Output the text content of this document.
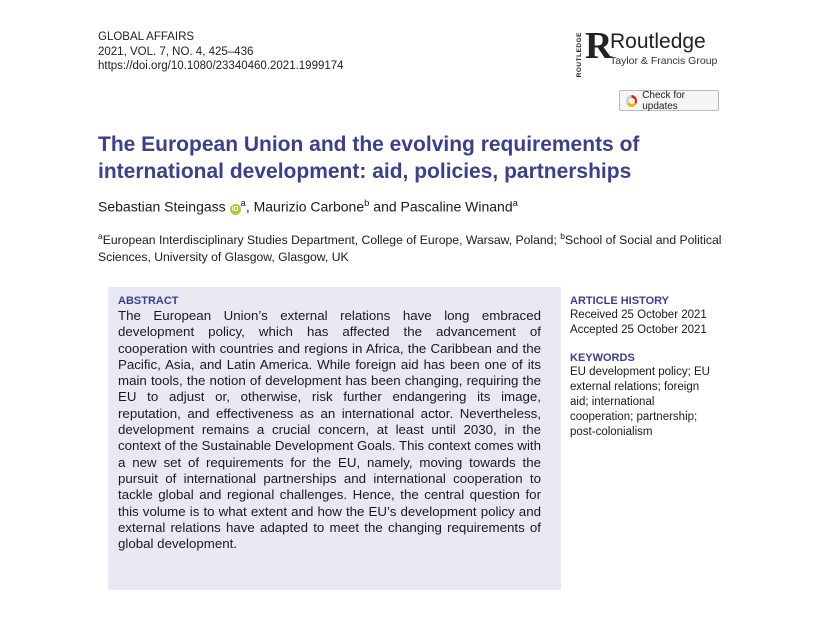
GLOBAL AFFAIRS
2021, VOL. 7, NO. 4, 425–436
https://doi.org/10.1080/23340460.2021.1999174	ROUTLEDGE R
Routledge
Taylor & Francis Group
Check for updates
The European Union and the evolving requirements of international development: aid, policies, partnerships
Sebastian Steingass $iD^a$, Maurizio Carbone$^b$ and Pascaline Winand$^a$
$^a$European Interdisciplinary Studies Department, College of Europe, Warsaw, Poland; $^b$School of Social and Political Sciences, University of Glasgow, Glasgow, UK
ABSTRACT
The European Union’s external relations have long embraced development policy, which has affected the advancement of cooperation with countries and regions in Africa, the Caribbean and the Pacific, Asia, and Latin America. While foreign aid has been one of its main tools, the notion of development has been changing, requiring the EU to adjust or, otherwise, risk further endangering its image, reputation, and effectiveness as an international actor. Nevertheless, development remains a crucial concern, at least until 2030, in the context of the Sustainable Development Goals. This context comes with a new set of requirements for the EU, namely, moving towards the pursuit of international partnerships and international cooperation to tackle global and regional challenges. Hence, the central question for this volume is to what extent and how the EU’s development policy and external relations have adapted to meet the changing requirements of global development.
ARTICLE HISTORY
Received 25 October 2021
Accepted 25 October 2021
KEYWORDS
EU development policy; EU external relations; foreign aid; international cooperation; partnership; post-colonialism
